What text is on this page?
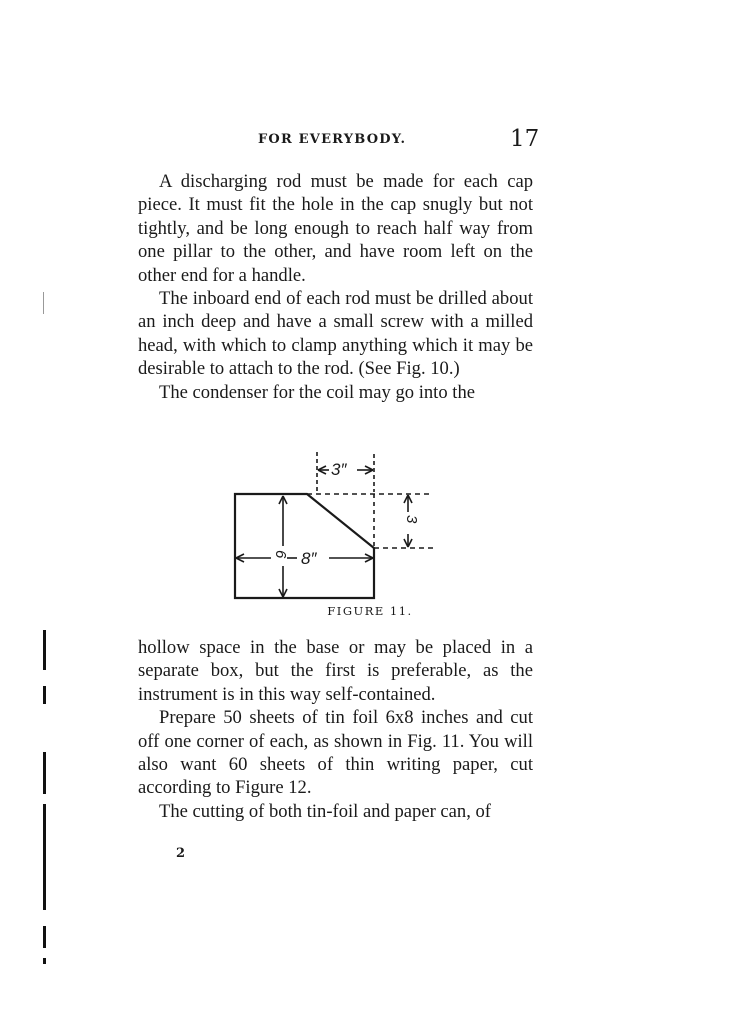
FOR EVERYBODY.	17

A discharging rod must be made for each cap piece. It must fit the hole in the cap snugly but not tightly, and be long enough to reach half way from one pillar to the other, and have room left on the other end for a handle.

The inboard end of each rod must be drilled about an inch deep and have a small screw with a milled head, with which to clamp anything which it may be desirable to attach to the rod. (See Fig. 10.)

The condenser for the coil may go into the

3″
3
6 8″
FIGURE 11.

hollow space in the base or may be placed in a separate box, but the first is preferable, as the instrument is in this way self-contained.

Prepare 50 sheets of tin foil 6x8 inches and cut off one corner of each, as shown in Fig. 11. You will also want 60 sheets of thin writing paper, cut according to Figure 12.

The cutting of both tin-foil and paper can, of

2
